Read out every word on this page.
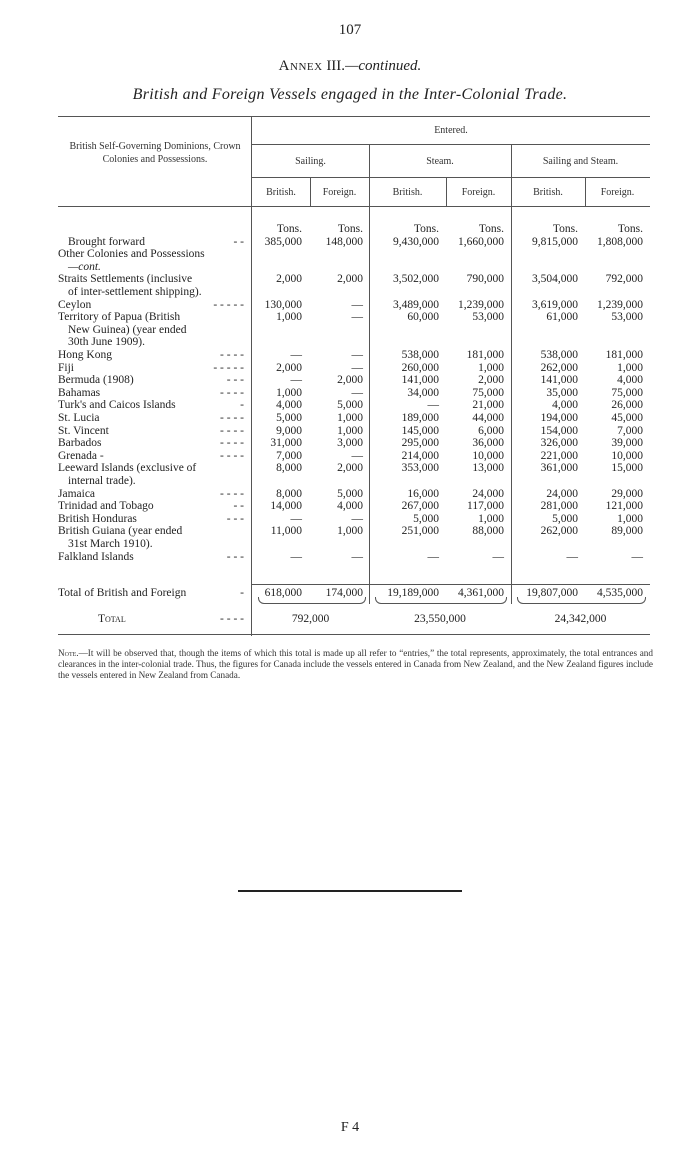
107
Annex III.—continued.
British and Foreign Vessels engaged in the Inter-Colonial Trade.
British Self-Governing Dominions, Crown Colonies and Possessions.
Entered.
Sailing.	Steam.	Sailing and Steam.
British.	Foreign.	British.	Foreign.	British.	Foreign.
Tons.	Tons.	Tons.	Tons.	Tons.	Tons.
Brought forward	- -	385,000	148,000	9,430,000	1,660,000	9,815,000	1,808,000
Other Colonies and Possessions
—cont.
Straits Settlements (inclusive	2,000	2,000	3,502,000	790,000	3,504,000	792,000
of inter-settlement shipping).
Ceylon	- - - - -	130,000	—	3,489,000	1,239,000	3,619,000	1,239,000
Territory of Papua (British	1,000	—	60,000	53,000	61,000	53,000
New Guinea) (year ended
30th June 1909).
Hong Kong	- - - -	—	—	538,000	181,000	538,000	181,000
Fiji	- - - - -	2,000	—	260,000	1,000	262,000	1,000
Bermuda (1908)	- - -	—	2,000	141,000	2,000	141,000	4,000
Bahamas	- - - -	1,000	—	34,000	75,000	35,000	75,000
Turk's and Caicos Islands	-	4,000	5,000	—	21,000	4,000	26,000
St. Lucia	- - - -	5,000	1,000	189,000	44,000	194,000	45,000
St. Vincent	- - - -	9,000	1,000	145,000	6,000	154,000	7,000
Barbados	- - - -	31,000	3,000	295,000	36,000	326,000	39,000
Grenada -	- - - -	7,000	—	214,000	10,000	221,000	10,000
Leeward Islands (exclusive of	8,000	2,000	353,000	13,000	361,000	15,000
internal trade).
Jamaica	- - - -	8,000	5,000	16,000	24,000	24,000	29,000
Trinidad and Tobago	- -	14,000	4,000	267,000	117,000	281,000	121,000
British Honduras	- - -	—	—	5,000	1,000	5,000	1,000
British Guiana (year ended	11,000	1,000	251,000	88,000	262,000	89,000
31st March 1910).
Falkland Islands	- - -	—	—	—	—	—	—
Total of British and Foreign	-	618,000	174,000	19,189,000	4,361,000	19,807,000	4,535,000
Total	- - - -	792,000	23,550,000	24,342,000
Note.—It will be observed that, though the items of which this total is made up all refer to “entries,” the total represents, approximately, the total entrances and clearances in the inter-colonial trade. Thus, the figures for Canada include the vessels entered in Canada from New Zealand, and the New Zealand figures include the vessels entered in New Zealand from Canada.
F 4
